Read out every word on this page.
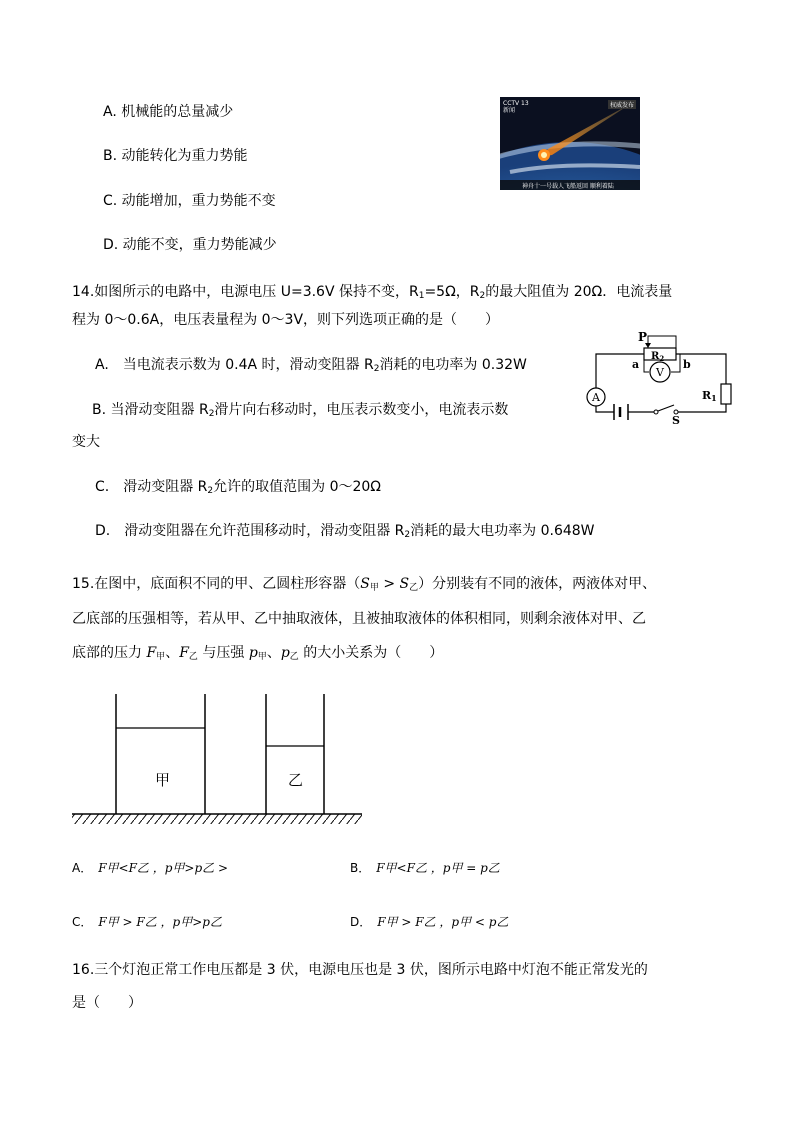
A. 机械能的总量减少
B. 动能转化为重力势能
C. 动能增加，重力势能不变
D. 动能不变，重力势能减少
CCTV 13
新闻
权威发布
神舟十一号载人飞船返回 顺利着陆
14.如图所示的电路中，电源电压 U=3.6V 保持不变，$R_1=5\Omega$，$R_2$的最大阻值为 20Ω．电流表量
程为 0～0.6A，电压表量程为 0～3V，则下列选项正确的是（　　）
A.　当电流表示数为 0.4A 时，滑动变阻器 $R_2$消耗的电功率为 0.32W
B. 当滑动变阻器 $R_2$滑片向右移动时，电压表示数变小，电流表示数
变大
C.　滑动变阻器 $R_2$允许的取值范围为 0～20Ω
D.　滑动变阻器在允许范围移动时，滑动变阻器 $R_2$消耗的最大电功率为 0.648W
P
a	b
$R_2$
V
A	R1
S
15.在图中，底面积不同的甲、乙圆柱形容器$(S_甲 > S_乙)$分别装有不同的液体，两液体对甲、
乙底部的压强相等，若从甲、乙中抽取液体，且被抽取液体的体积相同，则剩余液体对甲、乙
底部的压力 $F_甲$、$F_乙$ 与压强 $p_甲$、$p_乙$ 的大小关系为（　　）
甲	乙
A． F甲<F乙 ，p甲>p乙 >	B． F甲<F乙 ，p甲 = p乙
C． F甲 > F乙 ，p甲>p乙	D． F甲 > F乙 ，p甲 < p乙
16.三个灯泡正常工作电压都是 3 伏，电源电压也是 3 伏，图所示电路中灯泡不能正常发光的
是（　　）
